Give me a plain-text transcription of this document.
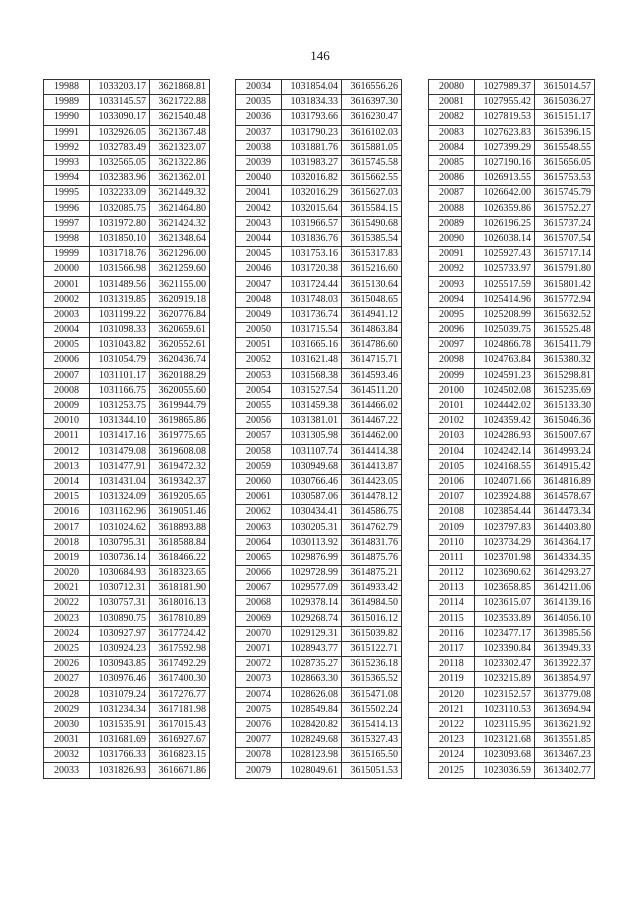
146
19988	1033203.17	3621868.81
19989	1033145.57	3621722.88
19990	1033090.17	3621540.48
19991	1032926.05	3621367.48
19992	1032783.49	3621323.07
19993	1032565.05	3621322.86
19994	1032383.96	3621362.01
19995	1032233.09	3621449.32
19996	1032085.75	3621464.80
19997	1031972.80	3621424.32
19998	1031850.10	3621348.64
19999	1031718.76	3621296.00
20000	1031566.98	3621259.60
20001	1031489.56	3621155.00
20002	1031319.85	3620919.18
20003	1031199.22	3620776.84
20004	1031098.33	3620659.61
20005	1031043.82	3620552.61
20006	1031054.79	3620436.74
20007	1031101.17	3620188.29
20008	1031166.75	3620055.60
20009	1031253.75	3619944.79
20010	1031344.10	3619865.86
20011	1031417.16	3619775.65
20012	1031479.08	3619608.08
20013	1031477.91	3619472.32
20014	1031431.04	3619342.37
20015	1031324.09	3619205.65
20016	1031162.96	3619051.46
20017	1031024.62	3618893.88
20018	1030795.31	3618588.84
20019	1030736.14	3618466.22
20020	1030684.93	3618323.65
20021	1030712.31	3618181.90
20022	1030757.31	3618016.13
20023	1030890.75	3617810.89
20024	1030927.97	3617724.42
20025	1030924.23	3617592.98
20026	1030943.85	3617492.29
20027	1030976.46	3617400.30
20028	1031079.24	3617276.77
20029	1031234.34	3617181.98
20030	1031535.91	3617015.43
20031	1031681.69	3616927.67
20032	1031766.33	3616823.15
20033	1031826.93	3616671.86
20034	1031854.04	3616556.26
20035	1031834.33	3616397.30
20036	1031793.66	3616230.47
20037	1031790.23	3616102.03
20038	1031881.76	3615881.05
20039	1031983.27	3615745.58
20040	1032016.82	3615662.55
20041	1032016.29	3615627.03
20042	1032015.64	3615584.15
20043	1031966.57	3615490.68
20044	1031836.76	3615385.54
20045	1031753.16	3615317.83
20046	1031720.38	3615216.60
20047	1031724.44	3615130.64
20048	1031748.03	3615048.65
20049	1031736.74	3614941.12
20050	1031715.54	3614863.84
20051	1031665.16	3614786.60
20052	1031621.48	3614715.71
20053	1031568.38	3614593.46
20054	1031527.54	3614511.20
20055	1031459.38	3614466.02
20056	1031381.01	3614467.22
20057	1031305.98	3614462.00
20058	1031107.74	3614414.38
20059	1030949.68	3614413.87
20060	1030766.46	3614423.05
20061	1030587.06	3614478.12
20062	1030434.41	3614586.75
20063	1030205.31	3614762.79
20064	1030113.92	3614831.76
20065	1029876.99	3614875.76
20066	1029728.99	3614875.21
20067	1029577.09	3614933.42
20068	1029378.14	3614984.50
20069	1029268.74	3615016.12
20070	1029129.31	3615039.82
20071	1028943.77	3615122.71
20072	1028735.27	3615236.18
20073	1028663.30	3615365.52
20074	1028626.08	3615471.08
20075	1028549.84	3615502.24
20076	1028420.82	3615414.13
20077	1028249.68	3615327.43
20078	1028123.98	3615165.50
20079	1028049.61	3615051.53
20080	1027989.37	3615014.57
20081	1027955.42	3615036.27
20082	1027819.53	3615151.17
20083	1027623.83	3615396.15
20084	1027399.29	3615548.55
20085	1027190.16	3615656.05
20086	1026913.55	3615753.53
20087	1026642.00	3615745.79
20088	1026359.86	3615752.27
20089	1026196.25	3615737.24
20090	1026038.14	3615707.54
20091	1025927.43	3615717.14
20092	1025733.97	3615791.80
20093	1025517.59	3615801.42
20094	1025414.96	3615772.94
20095	1025208.99	3615632.52
20096	1025039.75	3615525.48
20097	1024866.78	3615411.79
20098	1024763.84	3615380.32
20099	1024591.23	3615298.81
20100	1024502.08	3615235.69
20101	1024442.02	3615133.30
20102	1024359.42	3615046.36
20103	1024286.93	3615007.67
20104	1024242.14	3614993.24
20105	1024168.55	3614915.42
20106	1024071.66	3614816.89
20107	1023924.88	3614578.67
20108	1023854.44	3614473.34
20109	1023797.83	3614403.80
20110	1023734.29	3614364.17
20111	1023701.98	3614334.35
20112	1023690.62	3614293.27
20113	1023658.85	3614211.06
20114	1023615.07	3614139.16
20115	1023533.89	3614056.10
20116	1023477.17	3613985.56
20117	1023390.84	3613949.33
20118	1023302.47	3613922.37
20119	1023215.89	3613854.97
20120	1023152.57	3613779.08
20121	1023110.53	3613694.94
20122	1023115.95	3613621.92
20123	1023121.68	3613551.85
20124	1023093.68	3613467.23
20125	1023036.59	3613402.77
